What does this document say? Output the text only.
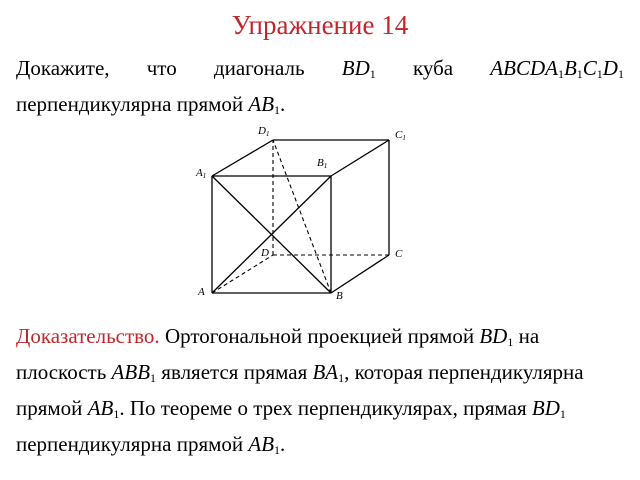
Упражнение 14
Докажите, что диагональ $BD_1$ куба $ABCDA_1B_1C_1D_1$
перпендикулярна прямой $AB_1$.
D1	C1
A1
B1
D	C
A	B
Доказательство. Ортогональной проекцией прямой $BD_1$ на плоскость $ABB_1$ является прямая $BA_1$, которая перпендикулярна прямой $AB_1$. По теореме о трех перпендикулярах, прямая $BD_1$ перпендикулярна прямой $AB_1$.
